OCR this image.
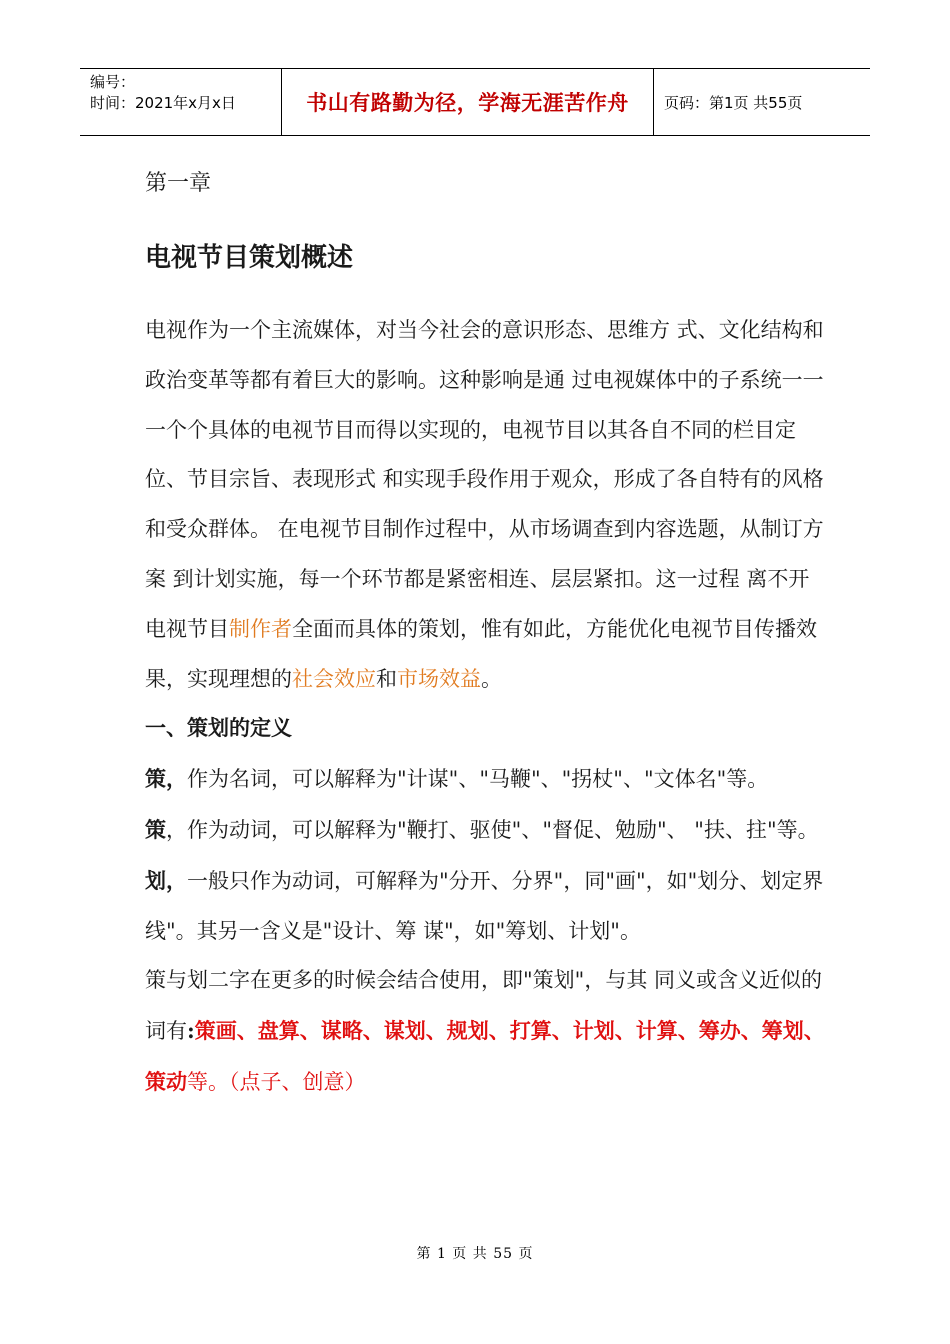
编号：
时间：2021年x月x日	书山有路勤为径，学海无涯苦作舟	页码：第1页 共55页

第一章

电视节目策划概述

电视作为一个主流媒体，对当今社会的意识形态、思维方 式、文化结构和政治变革等都有着巨大的影响。这种影响是通 过电视媒体中的子系统一一一个个具体的电视节目而得以实现的，电视节目以其各自不同的栏目定位、节目宗旨、表现形式 和实现手段作用于观众，形成了各自特有的风格和受众群体。 在电视节目制作过程中，从市场调查到内容选题，从制订方案 到计划实施，每一个环节都是紧密相连、层层紧扣。这一过程 离不开电视节目制作者全面而具体的策划，惟有如此，方能优化电视节目传播效果，实现理想的社会效应和市场效益。

一、策划的定义

策，作为名词，可以解释为"计谋"、"马鞭"、"拐杖"、"文体名"等。

策，作为动词，可以解释为"鞭打、驱使"、"督促、勉励"、 "扶、拄"等。

划，一般只作为动词，可解释为"分开、分界"，同"画"，如"划分、划定界线"。其另一含义是"设计、筹 谋"，如"筹划、计划"。

策与划二字在更多的时候会结合使用，即"策划"，与其 同义或含义近似的词有:策画、盘算、谋略、谋划、规划、打算、计划、计算、筹办、筹划、策动等。（点子、创意）

第 1 页 共 55 页
